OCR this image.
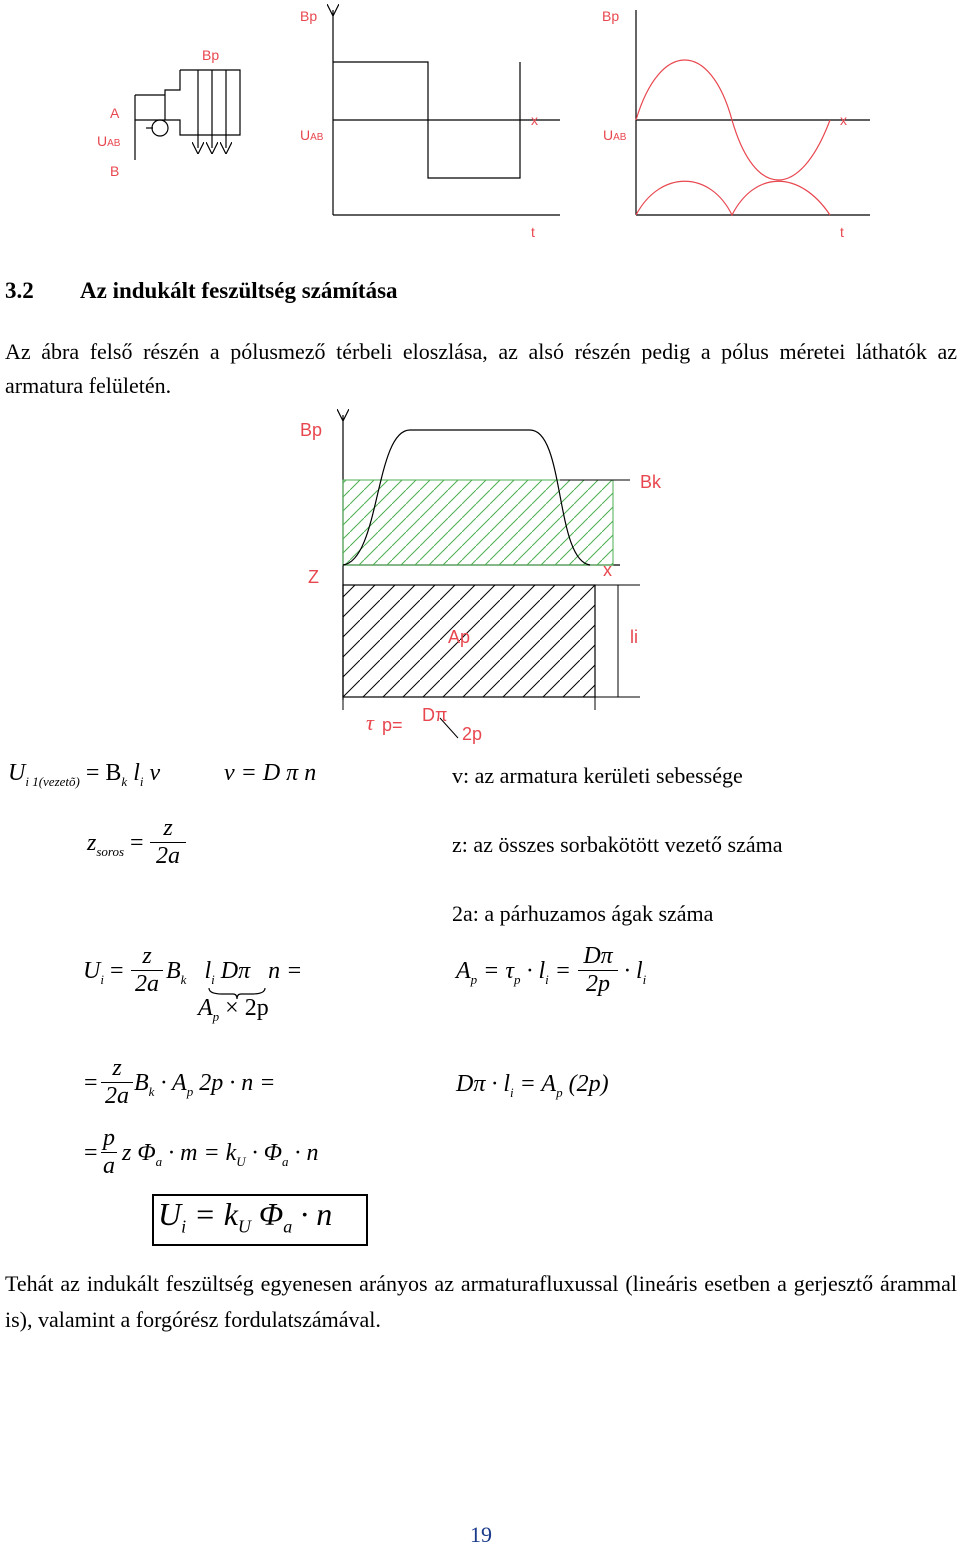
Bp	Bp
Bp
A
UAB
B
UAB
x
t
UAB
x
t
3.2 Az indukált feszültség számítása
Az ábra felső részén a pólusmező térbeli eloszlása, az alsó részén pedig a pólus méretei láthatók az armatura felületén.
Bp
Bk
Z	x
Ap	li
τ p= Dπ
2p
$U_{i 1(vezetõ)} = B_k$ $l_i$ v	v = D π n	v: az armatura kerületi sebessége
$z_{soros} = \frac{z}{2a}$	z: az összes sorbakötött vezető száma
2a: a párhuzamos ágak száma
$U_i = \frac{z}{2a} B_k$ $l_i$ Dπ n =
$A_p \times 2p$
$A_p = \tau_p \cdot l_i = \frac{D\pi}{2p} \cdot l_i$
= $\frac{z}{2a} B_k \cdot A_p$ 2p · n =	$D\pi \cdot l_i = A_p$ (2p)
= $\frac{p}{a}$ z $\Phi_a \cdot m = k_U \cdot \Phi_a \cdot n$
$U_i = k_U$ $\Phi_a \cdot n$
Tehát az indukált feszültség egyenesen arányos az armaturafluxussal (lineáris esetben a gerjesztő árammal is), valamint a forgórész fordulatszámával.
19
